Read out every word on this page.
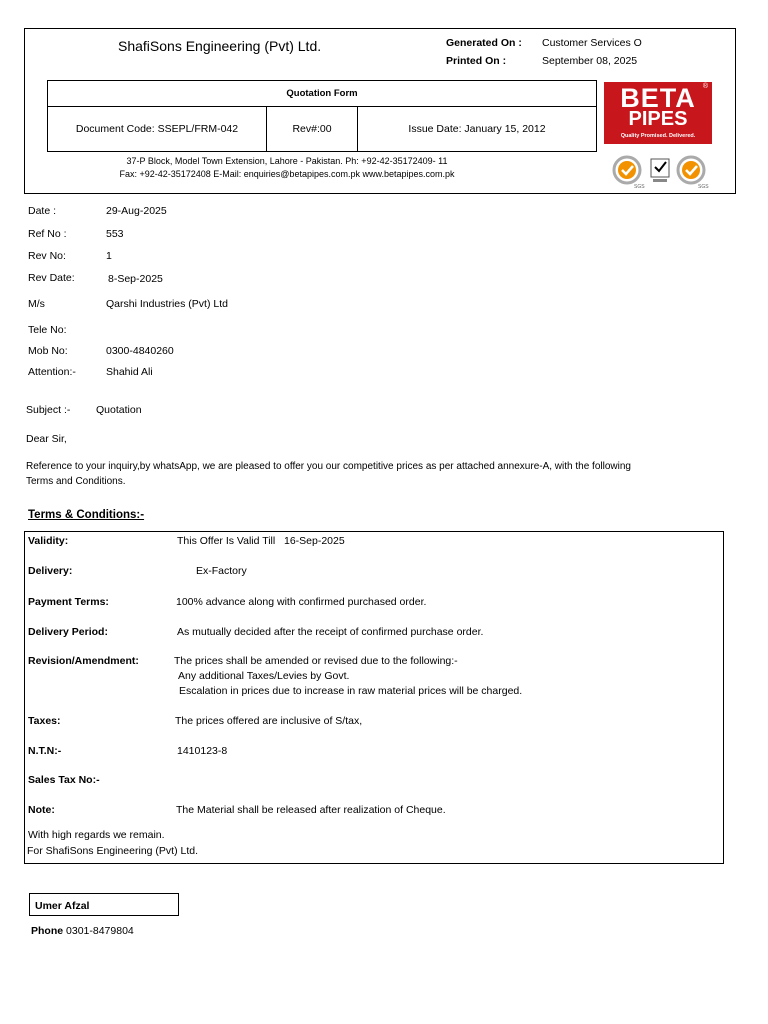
ShafiSons Engineering (Pvt) Ltd.	Generated On : Customer Services O
Printed On :	September 08, 2025
Quotation Form
Document Code: SSEPL/FRM-042	Rev#:00	Issue Date: January 15, 2012
37-P Block, Model Town Extension, Lahore - Pakistan. Ph: +92-42-35172409- 11
Fax: +92-42-35172408 E-Mail: enquiries@betapipes.com.pk www.betapipes.com.pk
®
BETA
PIPES
Quality Promised. Delivered.
SGS	SGS
Date :	29-Aug-2025
Ref No :	553
Rev No:	1
Rev Date:	8-Sep-2025
M/s	Qarshi Industries (Pvt) Ltd
Tele No:
Mob No:	0300-4840260
Attention:-	Shahid Ali
Subject :- Quotation
Dear Sir,
Reference to your inquiry,by whatsApp, we are pleased to offer you our competitive prices as per attached annexure-A, with the following
Terms and Conditions.
Terms & Conditions:-
Validity:	This Offer Is Valid Till   16-Sep-2025
Delivery:	Ex-Factory
Payment Terms:	100% advance along with confirmed purchased order.
Delivery Period:	As mutually decided after the receipt of confirmed purchase order.
Revision/Amendment:	The prices shall be amended or revised due to the following:-
Any additional Taxes/Levies by Govt.
Escalation in prices due to increase in raw material prices will be charged.
Taxes:	The prices offered are inclusive of S/tax,
N.T.N:-	1410123-8
Sales Tax No:-
Note:	The Material shall be released after realization of Cheque.
With high regards we remain.
For ShafiSons Engineering (Pvt) Ltd.
Umer Afzal
Phone 0301-8479804
